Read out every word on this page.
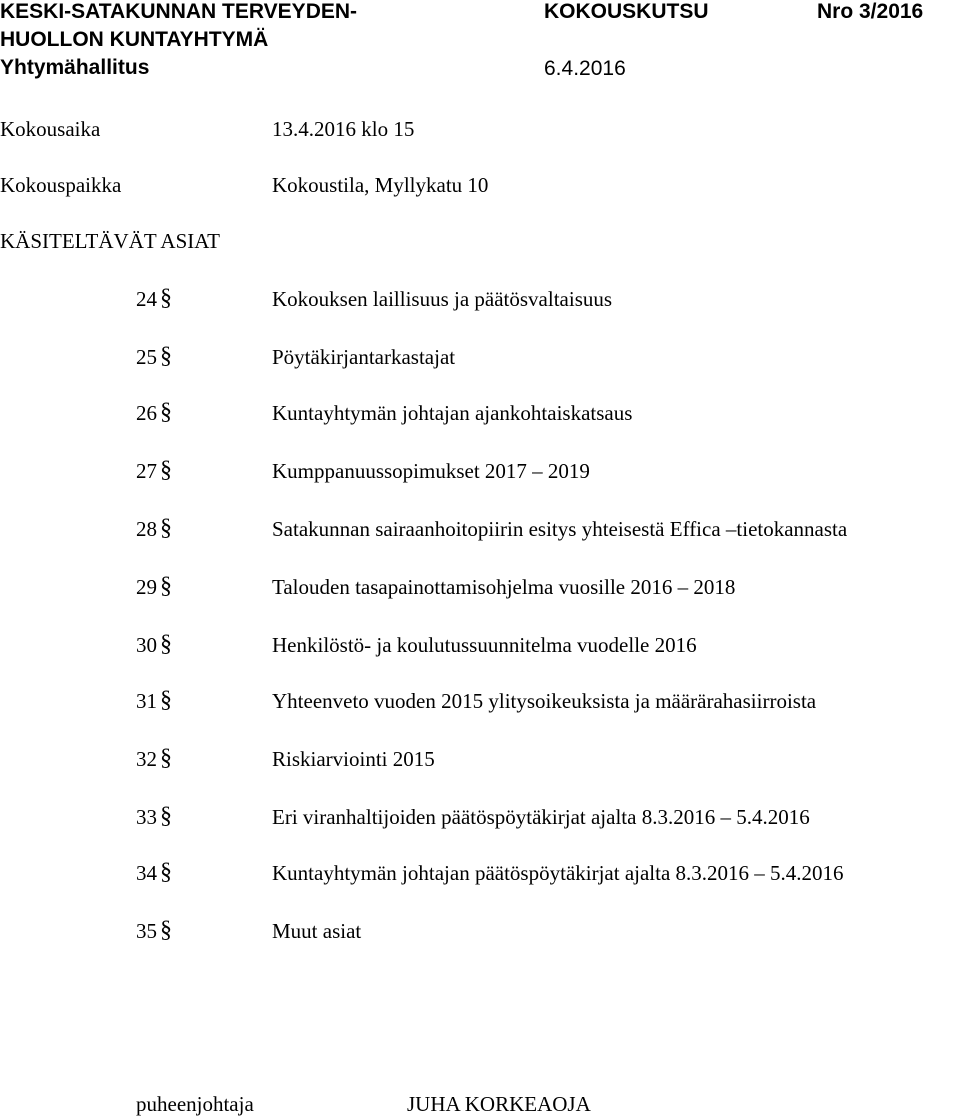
KESKI-SATAKUNNAN TERVEYDEN-
HUOLLON KUNTAYHTYMÄ
Yhtymähallitus
KOKOUSKUTSU	Nro 3/2016
6.4.2016
Kokousaika	13.4.2016 klo 15
Kokouspaikka	Kokoustila, Myllykatu 10
KÄSITELTÄVÄT ASIAT
24 §	Kokouksen laillisuus ja päätösvaltaisuus
25 §	Pöytäkirjantarkastajat
26 §	Kuntayhtymän johtajan ajankohtaiskatsaus
27 §	Kumppanuussopimukset 2017 – 2019
28 §	Satakunnan sairaanhoitopiirin esitys yhteisestä Effica –tietokannasta
29 §	Talouden tasapainottamisohjelma vuosille 2016 – 2018
30 §	Henkilöstö- ja koulutussuunnitelma vuodelle 2016
31 §	Yhteenveto vuoden 2015 ylitysoikeuksista ja määrärahasiirroista
32 §	Riskiarviointi 2015
33 §	Eri viranhaltijoiden päätöspöytäkirjat ajalta 8.3.2016 – 5.4.2016
34 §	Kuntayhtymän johtajan päätöspöytäkirjat ajalta 8.3.2016 – 5.4.2016
35 §	Muut asiat
puheenjohtaja	JUHA KORKEAOJA
